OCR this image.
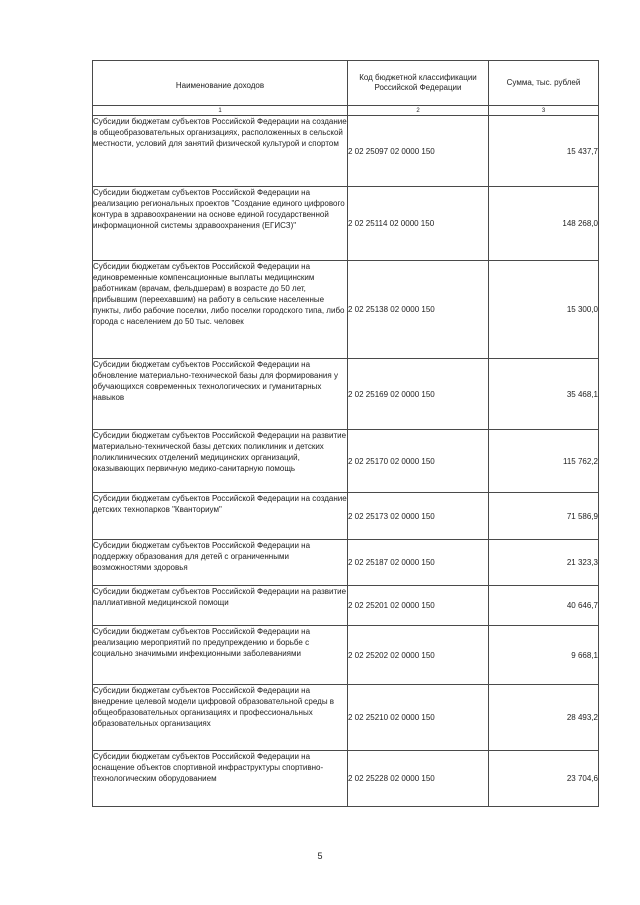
Наименование доходов	Код бюджетной классификации Российской Федерации	Сумма, тыс. рублей
1	2	3
Субсидии бюджетам субъектов Российской Федерации на создание в общеобразовательных организациях, расположенных в сельской местности, условий для занятий физической культурой и спортом	2 02 25097 02 0000 150	15 437,7
Субсидии бюджетам субъектов Российской Федерации на реализацию региональных проектов "Создание единого цифрового контура в здравоохранении на основе единой государственной информационной системы здравоохранения (ЕГИСЗ)"	2 02 25114 02 0000 150	148 268,0
Субсидии бюджетам субъектов Российской Федерации на единовременные компенсационные выплаты медицинским работникам (врачам, фельдшерам) в возрасте до 50 лет, прибывшим (переехавшим) на работу в сельские населенные пункты, либо рабочие поселки, либо поселки городского типа, либо города с населением до 50 тыс. человек	2 02 25138 02 0000 150	15 300,0
Субсидии бюджетам субъектов Российской Федерации на обновление материально-технической базы для формирования у обучающихся современных технологических и гуманитарных навыков	2 02 25169 02 0000 150	35 468,1
Субсидии бюджетам субъектов Российской Федерации на развитие материально-технической базы детских поликлиник и детских поликлинических отделений медицинских организаций, оказывающих первичную медико-санитарную помощь	2 02 25170 02 0000 150	115 762,2
Субсидии бюджетам субъектов Российской Федерации на создание детских технопарков "Кванториум"	2 02 25173 02 0000 150	71 586,9
Субсидии бюджетам субъектов Российской Федерации на поддержку образования для детей с ограниченными возможностями здоровья	2 02 25187 02 0000 150	21 323,3
Субсидии бюджетам субъектов Российской Федерации на развитие паллиативной медицинской помощи	2 02 25201 02 0000 150	40 646,7
Субсидии бюджетам субъектов Российской Федерации на реализацию мероприятий по предупреждению и борьбе с социально значимыми инфекционными заболеваниями	2 02 25202 02 0000 150	9 668,1
Субсидии бюджетам субъектов Российской Федерации на внедрение целевой модели цифровой образовательной среды в общеобразовательных организациях и профессиональных образовательных организациях	2 02 25210 02 0000 150	28 493,2
Субсидии бюджетам субъектов Российской Федерации на оснащение объектов спортивной инфраструктуры спортивно-технологическим оборудованием	2 02 25228 02 0000 150	23 704,6
5
